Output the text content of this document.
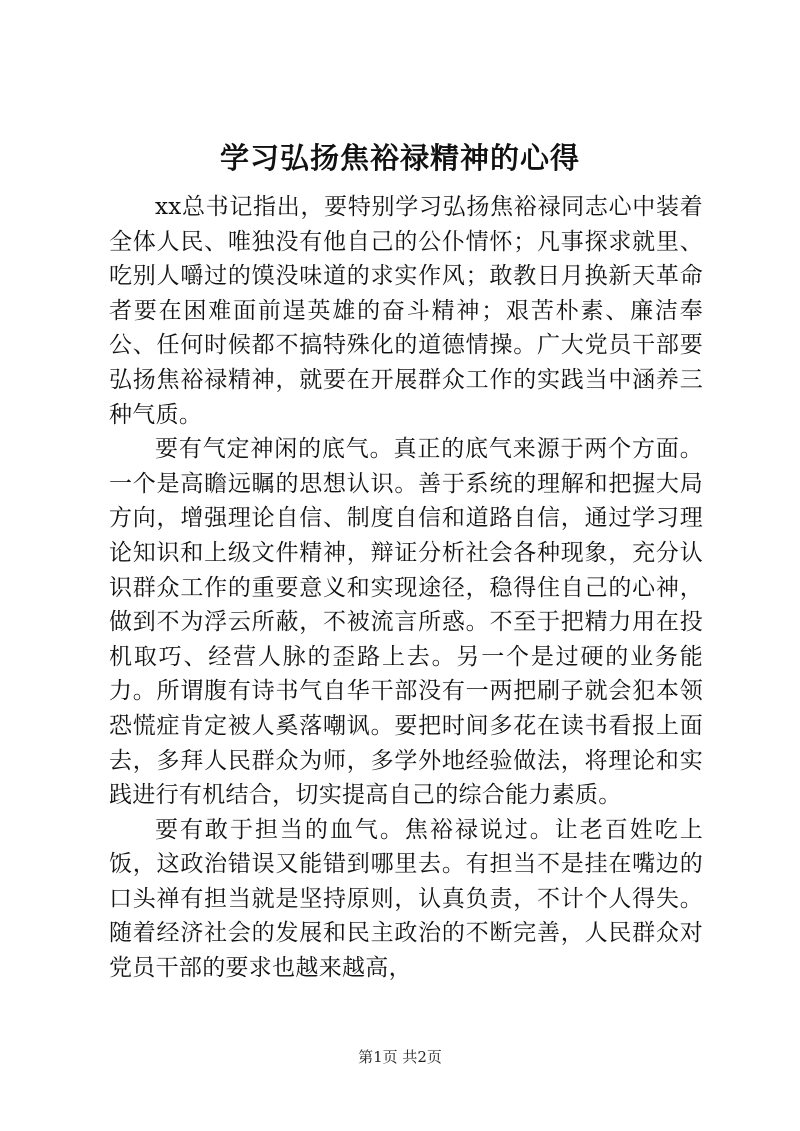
学习弘扬焦裕禄精神的心得

xx总书记指出，要特别学习弘扬焦裕禄同志心中装着全体人民、唯独没有他自己的公仆情怀；凡事探求就里、吃别人嚼过的馍没味道的求实作风；敢教日月换新天革命者要在困难面前逞英雄的奋斗精神；艰苦朴素、廉洁奉公、任何时候都不搞特殊化的道德情操。广大党员干部要弘扬焦裕禄精神，就要在开展群众工作的实践当中涵养三种气质。

要有气定神闲的底气。真正的底气来源于两个方面。一个是高瞻远瞩的思想认识。善于系统的理解和把握大局方向，增强理论自信、制度自信和道路自信，通过学习理论知识和上级文件精神，辩证分析社会各种现象，充分认识群众工作的重要意义和实现途径，稳得住自己的心神，做到不为浮云所蔽，不被流言所惑。不至于把精力用在投机取巧、经营人脉的歪路上去。另一个是过硬的业务能力。所谓腹有诗书气自华干部没有一两把刷子就会犯本领恐慌症肯定被人奚落嘲讽。要把时间多花在读书看报上面去，多拜人民群众为师，多学外地经验做法，将理论和实践进行有机结合，切实提高自己的综合能力素质。

要有敢于担当的血气。焦裕禄说过。让老百姓吃上饭，这政治错误又能错到哪里去。有担当不是挂在嘴边的口头禅有担当就是坚持原则，认真负责，不计个人得失。随着经济社会的发展和民主政治的不断完善，人民群众对党员干部的要求也越来越高，

第1页 共2页
